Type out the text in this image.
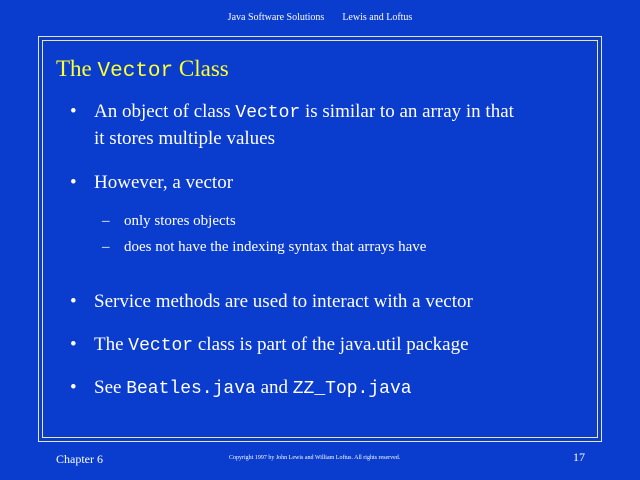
Java Software Solutions Lewis and Loftus
The Vector Class
• An object of class Vector is similar to an array in that
it stores multiple values
• However, a vector
– only stores objects
– does not have the indexing syntax that arrays have
• Service methods are used to interact with a vector
• The Vector class is part of the java.util package
• See Beatles.java and ZZ_Top.java
Chapter 6	Copyright 1997 by John Lewis and William Loftus. All rights reserved.	17
